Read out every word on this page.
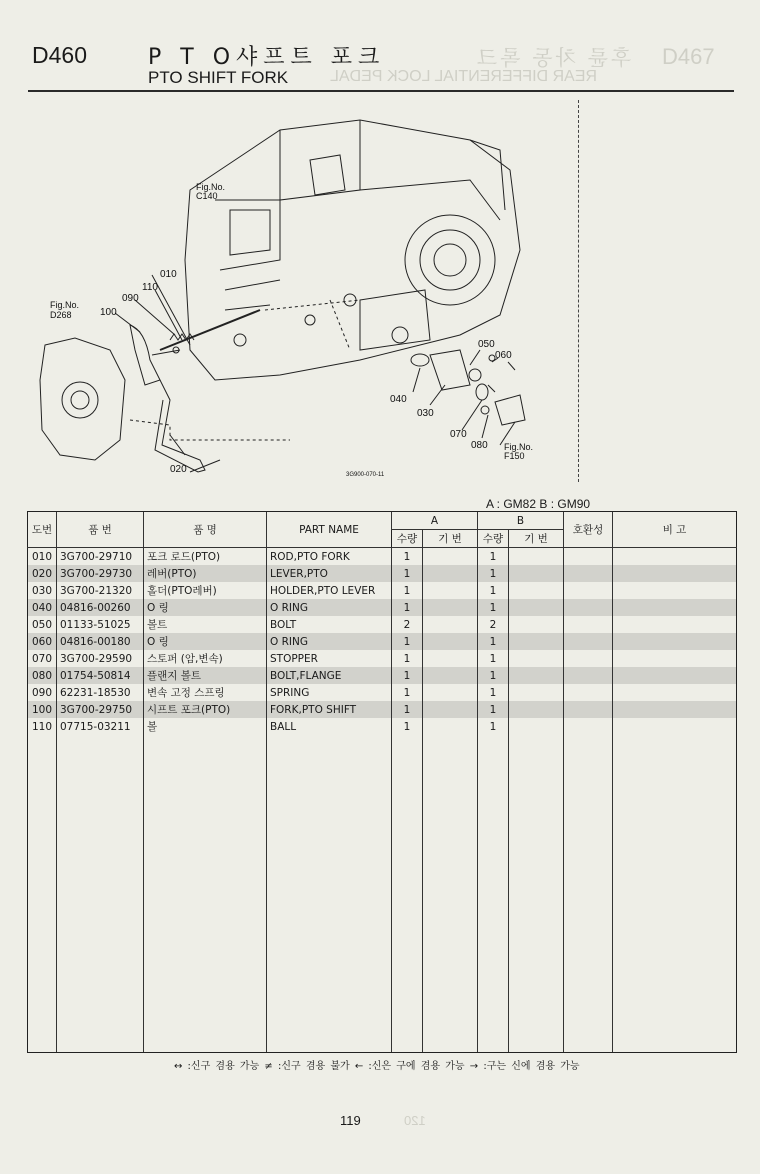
D467
후륜 차동 록크
REAR DIFFERENTIAL LOCK PEDAL
120
D460	P T O샤프트 포크
PTO SHIFT FORK
Fig.No.
C140
Fig.No.
D268
Fig.No.
F150
3G900-070-11
010
110
090
100
020
050
060
040
030
070
080
A : GM82 B : GM90
도번	품 번	품 명	PART NAME	A		B		호환성	비 고
				수량	기 번	수량	기 번		
010	3G700-29710	포크 로드(PTO)	ROD,PTO FORK	1		1			
020	3G700-29730	레버(PTO)	LEVER,PTO	1		1			
030	3G700-21320	홀더(PTO레버)	HOLDER,PTO LEVER	1		1			
040	04816-00260	O 링	O RING	1		1			
050	01133-51025	볼트	BOLT	2		2			
060	04816-00180	O 링	O RING	1		1			
070	3G700-29590	스토퍼 (암,변속)	STOPPER	1		1			
080	01754-50814	플랜지 볼트	BOLT,FLANGE	1		1			
090	62231-18530	변속 고정 스프링	SPRING	1		1			
100	3G700-29750	시프트 포크(PTO)	FORK,PTO SHIFT	1		1			
110	07715-03211	볼	BALL	1		1			

↔ :신구 겸용 가능 ≠ :신구 겸용 불가 ← :신은 구에 겸용 가능 → :구는 신에 겸용 가능
119
